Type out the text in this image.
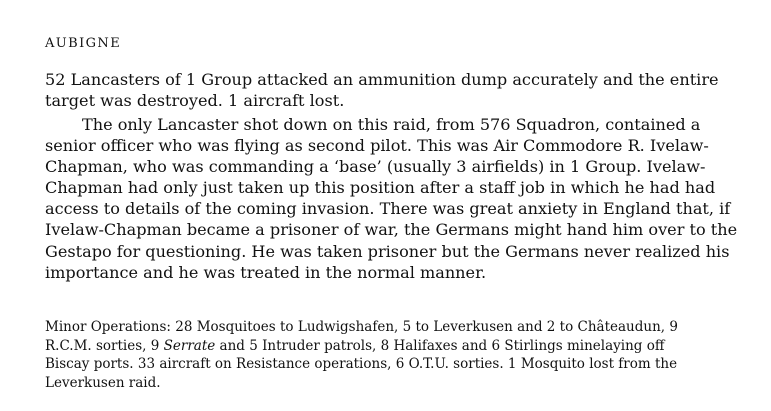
AUBIGNE

52 Lancasters of 1 Group attacked an ammunition dump accurately and the entire
target was destroyed. 1 aircraft lost.

The only Lancaster shot down on this raid, from 576 Squadron, contained a
senior officer who was flying as second pilot. This was Air Commodore R. Ivelaw-
Chapman, who was commanding a ‘base’ (usually 3 airfields) in 1 Group. Ivelaw-
Chapman had only just taken up this position after a staff job in which he had had
access to details of the coming invasion. There was great anxiety in England that, if
Ivelaw-Chapman became a prisoner of war, the Germans might hand him over to the
Gestapo for questioning. He was taken prisoner but the Germans never realized his
importance and he was treated in the normal manner.

Minor Operations: 28 Mosquitoes to Ludwigshafen, 5 to Leverkusen and 2 to Châteaudun, 9
R.C.M. sorties, 9 Serrate and 5 Intruder patrols, 8 Halifaxes and 6 Stirlings minelaying off
Biscay ports. 33 aircraft on Resistance operations, 6 O.T.U. sorties. 1 Mosquito lost from the
Leverkusen raid.
